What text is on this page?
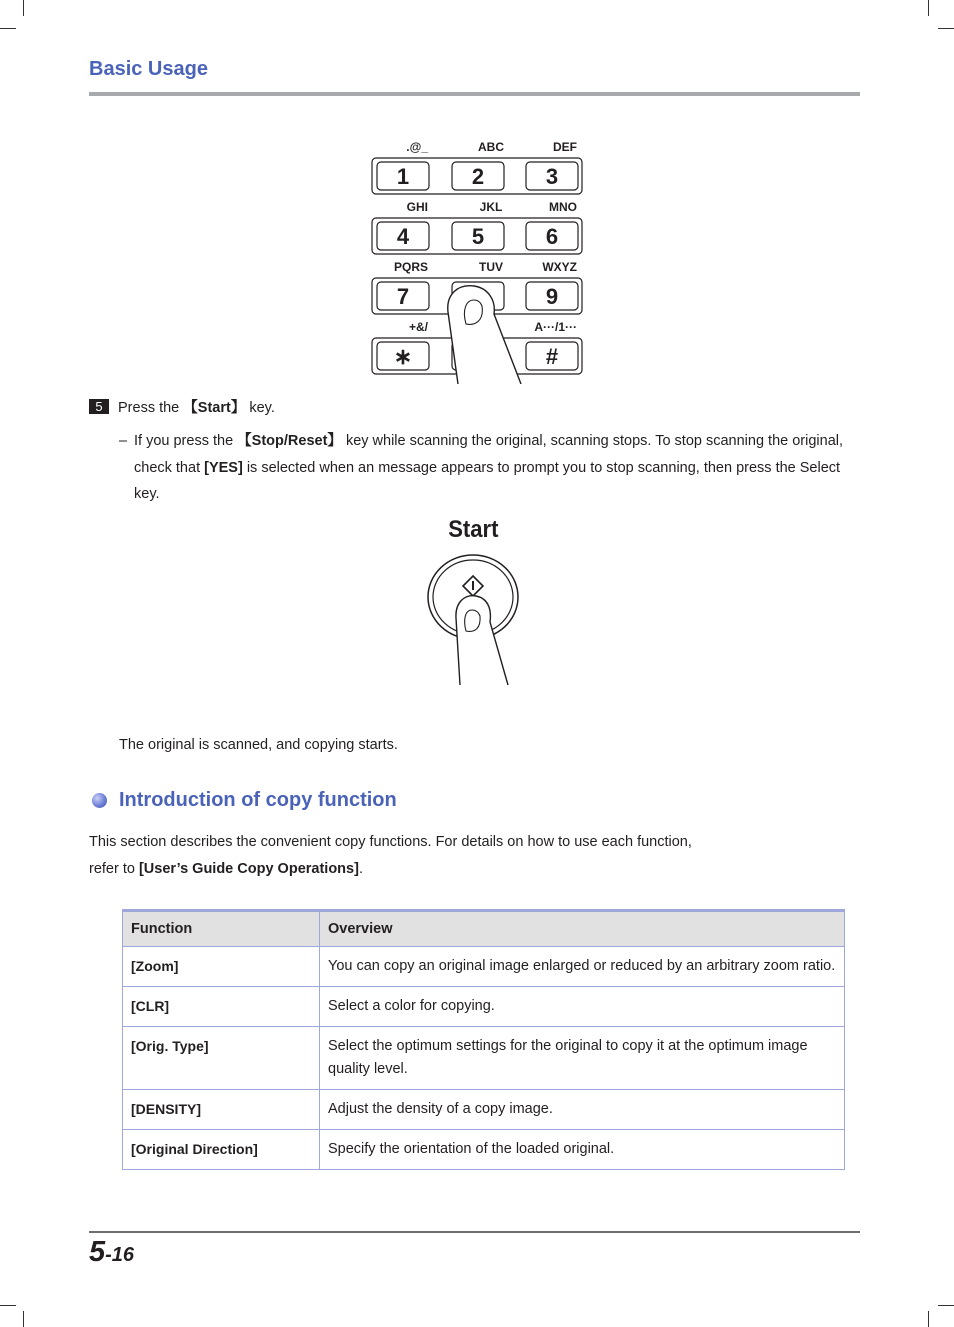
Basic Usage
.@_	ABC	DEF
1	2	3
GHI	JKL	MNO
4	5	6
PQRS	TUV	WXYZ
7	9
+&/	A···/1···
∗	#
5 Press the 【Start】 key.
– If you press the 【Stop/Reset】 key while scanning the original, scanning stops. To stop scanning the original, check that [YES] is selected when an message appears to prompt you to stop scanning, then press the Select key.
Start
The original is scanned, and copying starts.
Introduction of copy function
This section describes the convenient copy functions. For details on how to use each function,
refer to [User’s Guide Copy Operations].
Function	Overview
[Zoom]	You can copy an original image enlarged or reduced by an arbitrary zoom ratio.
[CLR]	Select a color for copying.
[Orig. Type]	Select the optimum settings for the original to copy it at the optimum image quality level.
[DENSITY]	Adjust the density of a copy image.
[Original Direction]	Specify the orientation of the loaded original.
5-16
